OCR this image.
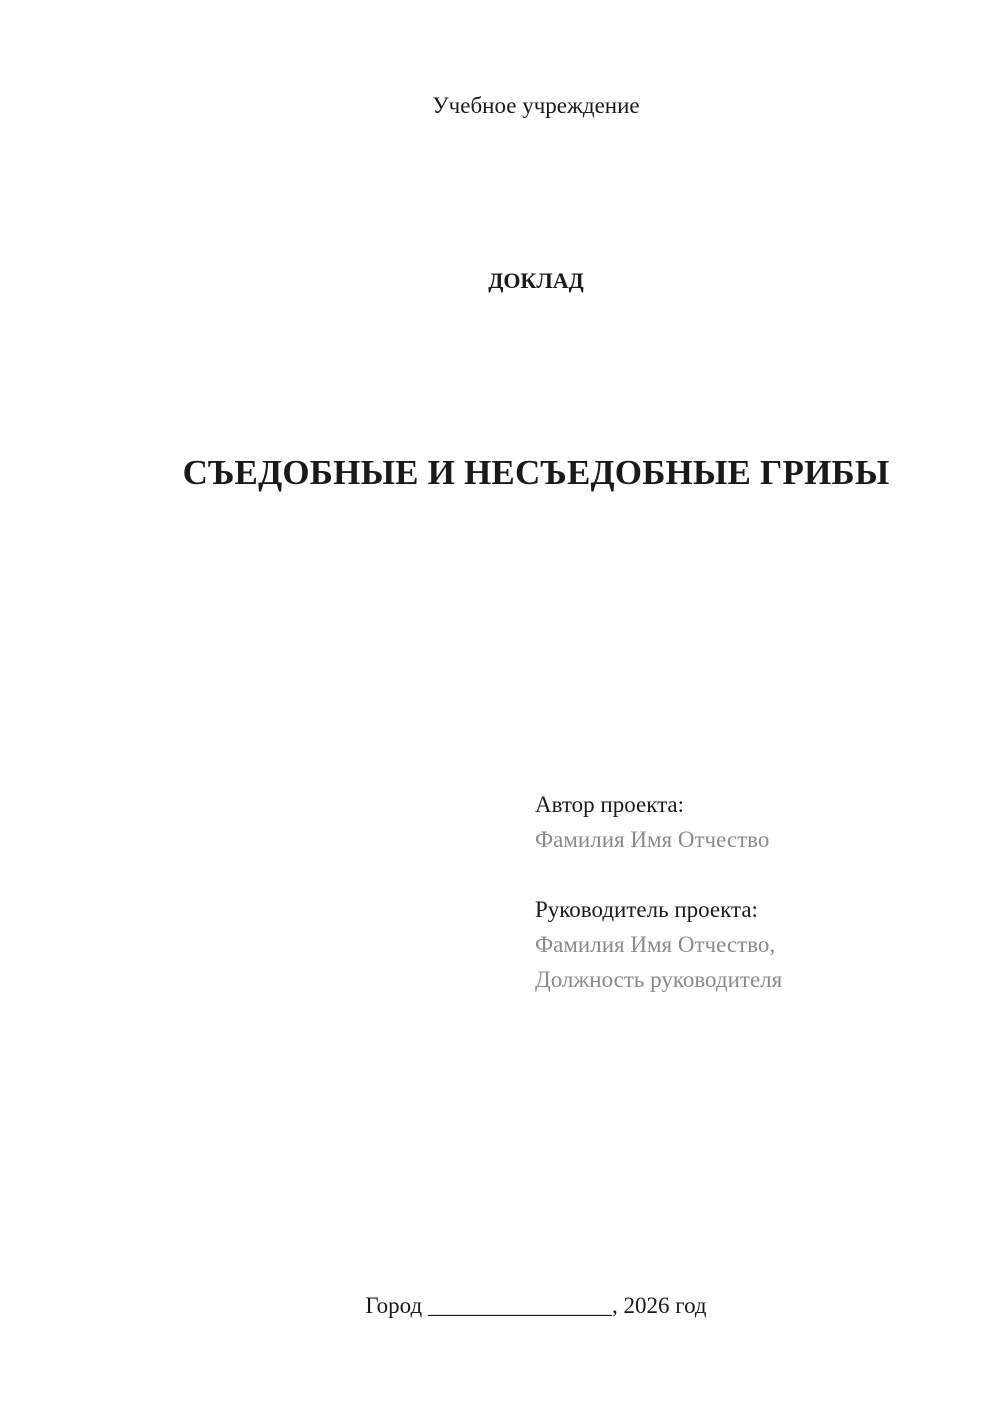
Учебное учреждение
ДОКЛАД
СЪЕДОБНЫЕ И НЕСЪЕДОБНЫЕ ГРИБЫ
Автор проекта:
Фамилия Имя Отчество
Руководитель проекта:
Фамилия Имя Отчество,
Должность руководителя
Город ________________, 2026 год
